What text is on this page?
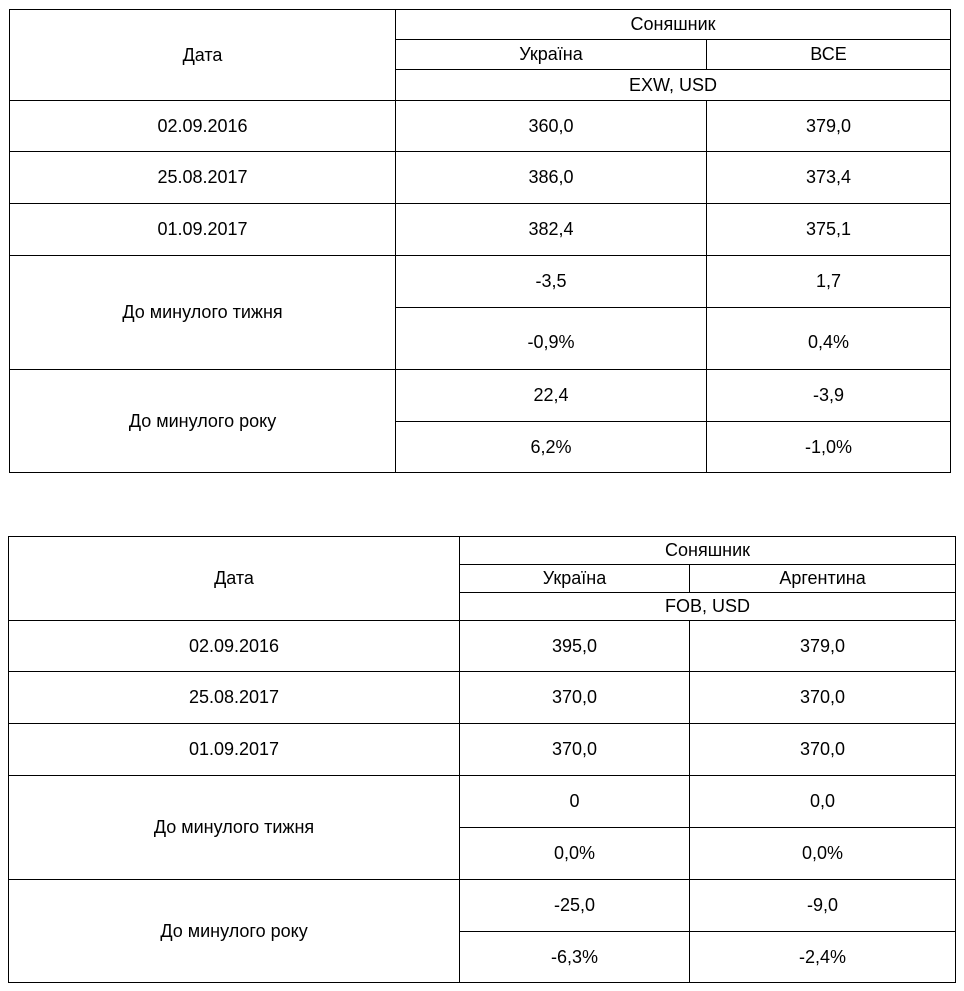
Дата	Соняшник	
	Україна	ВСЕ
	EXW, USD	
02.09.2016	360,0	379,0
25.08.2017	386,0	373,4
01.09.2017	382,4	375,1
До минулого тижня	-3,5	1,7
	-0,9%	0,4%
До минулого року	22,4	-3,9
	6,2%	-1,0%
Дата	Соняшник	
	Україна	Аргентина
	FOB, USD	
02.09.2016	395,0	379,0
25.08.2017	370,0	370,0
01.09.2017	370,0	370,0
До минулого тижня	0	0,0
	0,0%	0,0%
До минулого року	-25,0	-9,0
	-6,3%	-2,4%
